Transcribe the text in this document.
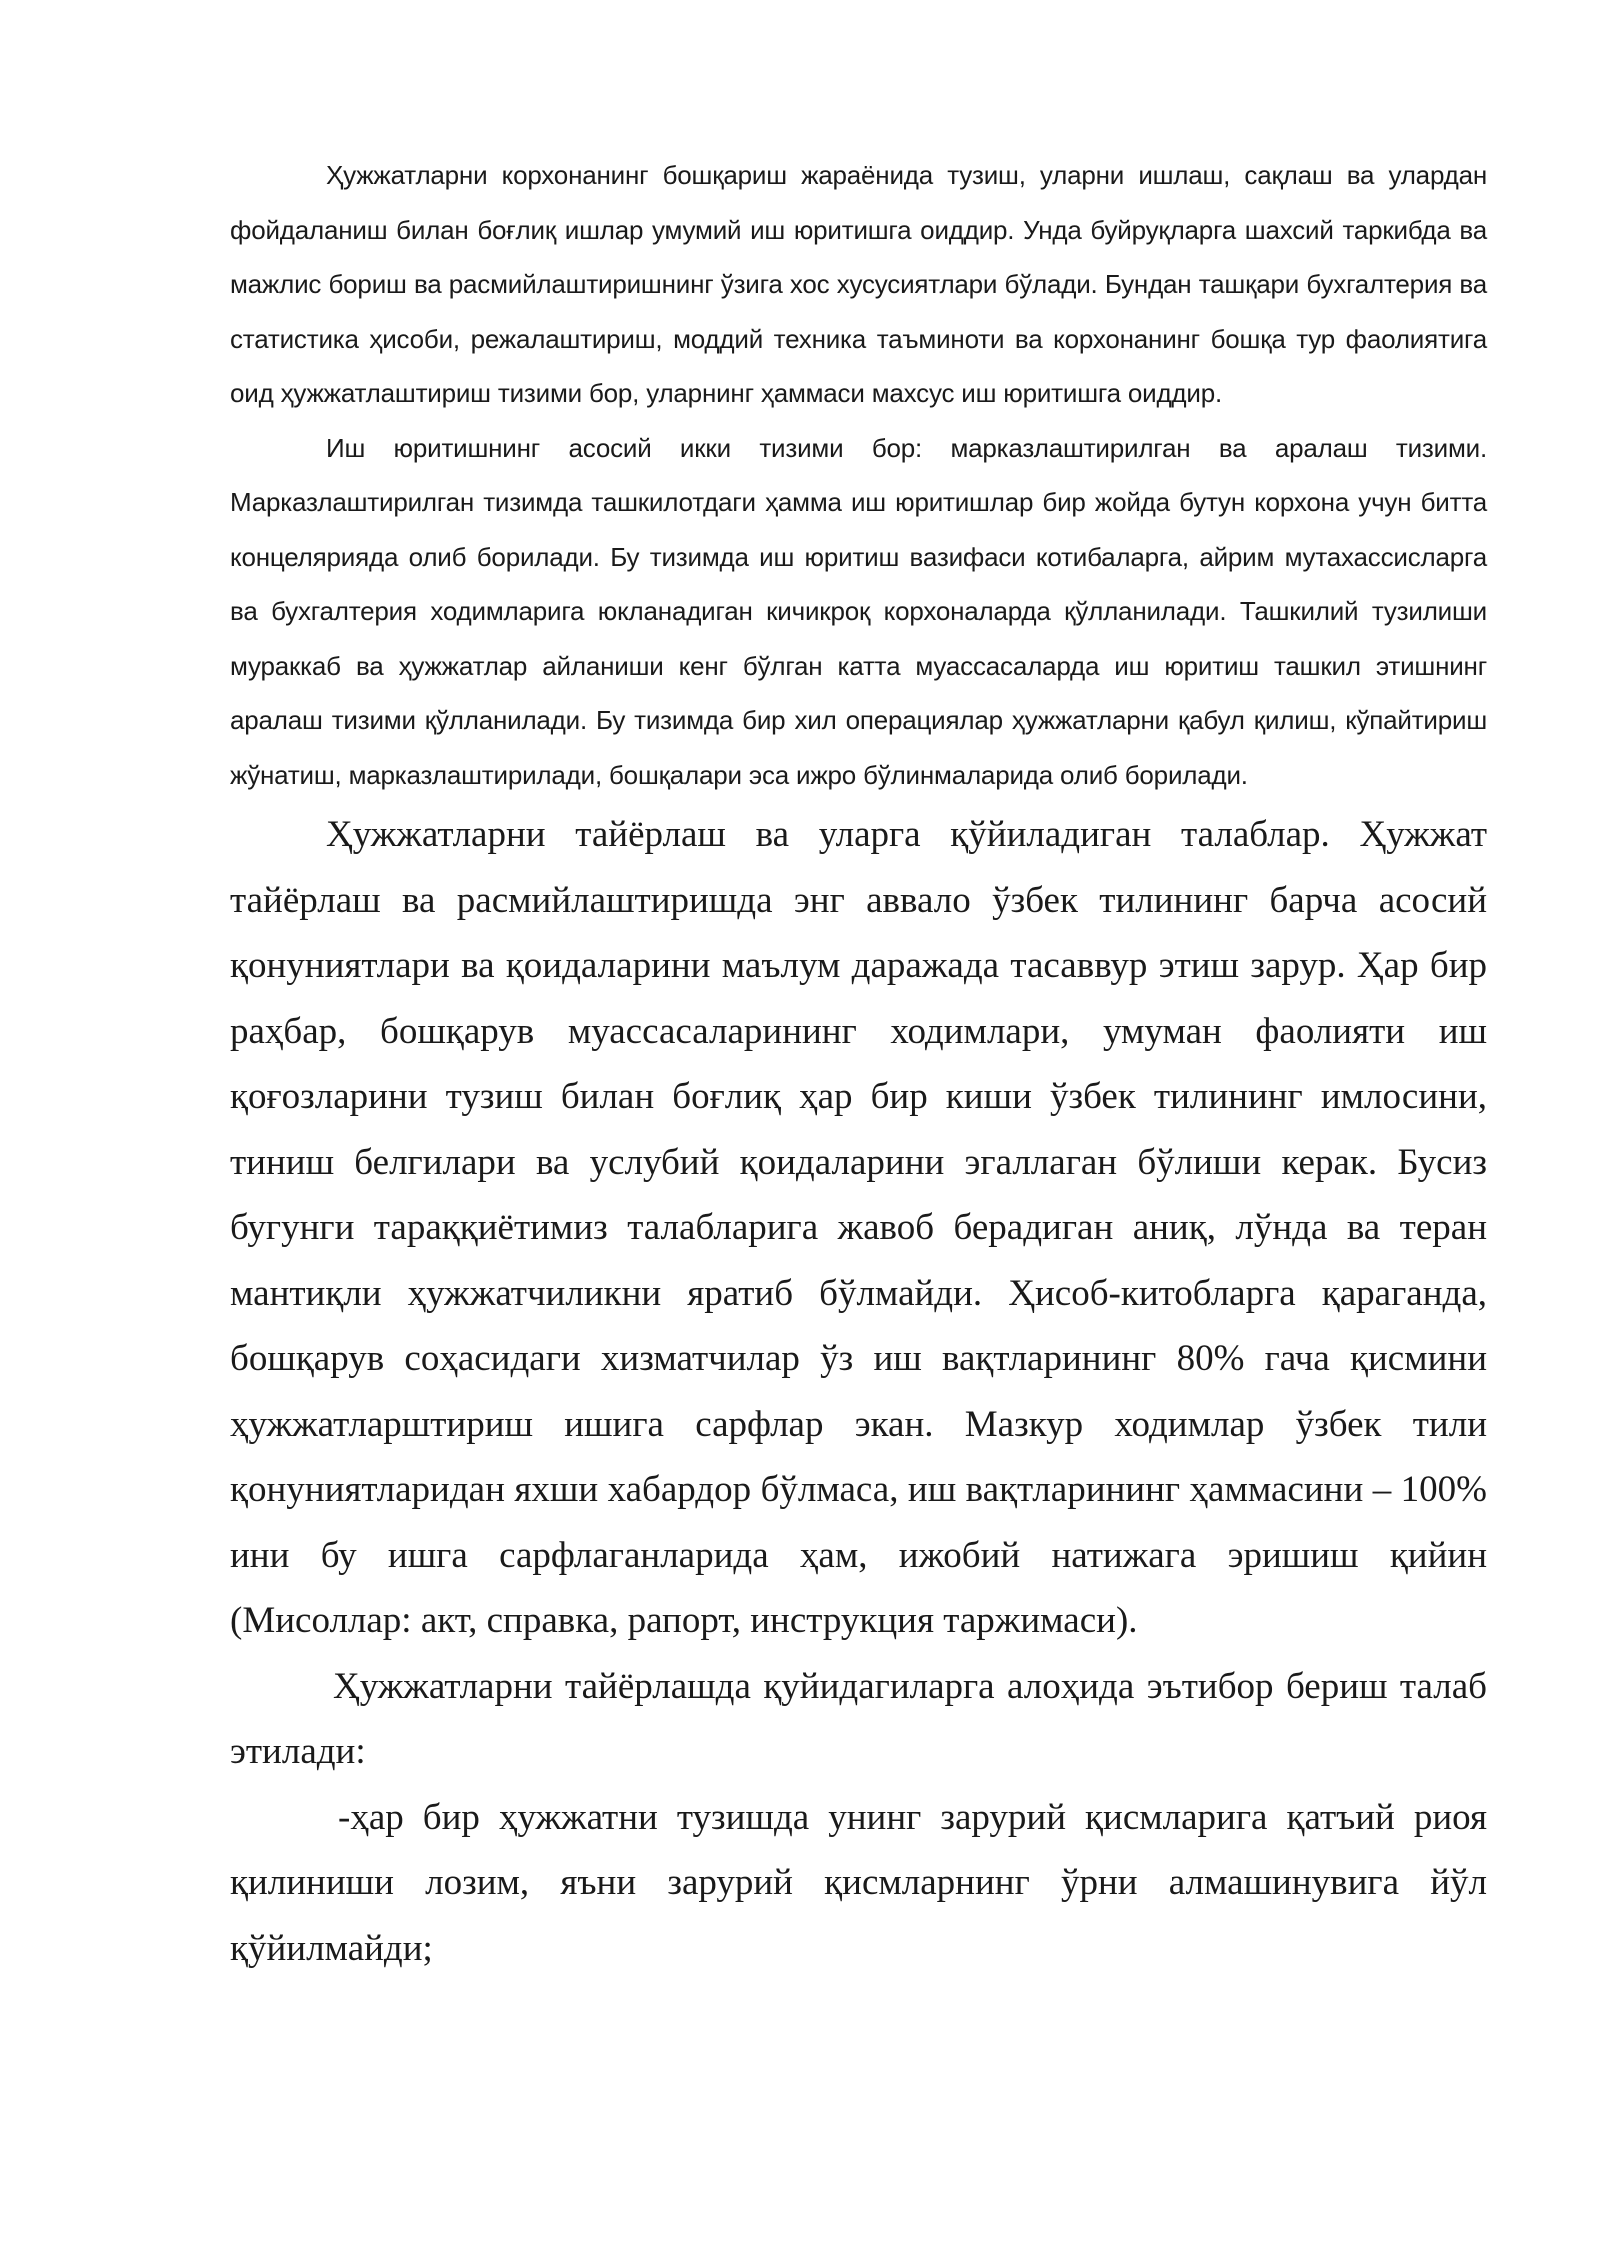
Ҳужжатларни корхонанинг бошқариш жараёнида тузиш, уларни ишлаш, сақлаш ва улардан фойдаланиш билан боғлиқ ишлар умумий иш юритишга оиддир. Унда буйруқларга шахсий таркибда ва мажлис бориш ва расмийлаштиришнинг ўзига хос хусусиятлари бўлади. Бундан ташқари бухгалтерия ва статистика ҳисоби, режалаштириш, моддий техника таъминоти ва корхонанинг бошқа тур фаолиятига оид ҳужжатлаштириш тизими бор, уларнинг ҳаммаси махсус иш юритишга оиддир.

Иш юритишнинг асосий икки тизими бор: марказлаштирилган ва аралаш тизими. Марказлаштирилган тизимда ташкилотдаги ҳамма иш юритишлар бир жойда бутун корхона учун битта концелярияда олиб борилади. Бу тизимда иш юритиш вазифаси котибаларга, айрим мутахассисларга ва бухгалтерия ходимларига юкланадиган кичикроқ корхоналарда қўлланилади. Ташкилий тузилиши мураккаб ва ҳужжатлар айланиши кенг бўлган катта муассасаларда иш юритиш ташкил этишнинг аралаш тизими қўлланилади. Бу тизимда бир хил операциялар ҳужжатларни қабул қилиш, кўпайтириш жўнатиш, марказлаштирилади, бошқалари эса ижро бўлинмаларида олиб борилади.

Ҳужжатларни тайёрлаш ва уларга қўйиладиган талаблар. Ҳужжат тайёрлаш ва расмийлаштиришда энг аввало ўзбек тилининг барча асосий қонуниятлари ва қоидаларини маълум даражада тасаввур этиш зарур. Ҳар бир раҳбар, бошқарув муассасаларининг ходимлари, умуман фаолияти иш қоғозларини тузиш билан боғлиқ ҳар бир киши ўзбек тилининг имлосини, тиниш белгилари ва услубий қоидаларини эгаллаган бўлиши керак. Бусиз бугунги тараққиётимиз талабларига жавоб берадиган аниқ, лўнда ва теран мантиқли ҳужжатчиликни яратиб бўлмайди. Ҳисоб-китобларга қараганда, бошқарув соҳасидаги хизматчилар ўз иш вақтларининг 80% гача қисмини ҳужжатларштириш ишига сарфлар экан. Мазкур ходимлар ўзбек тили қонуниятларидан яхши хабардор бўлмаса, иш вақтларининг ҳаммасини – 100% ини бу ишга сарфлаганларида ҳам, ижобий натижага эришиш қийин (Мисоллар: акт, справка, рапорт, инструкция таржимаси).

Ҳужжатларни тайёрлашда қуйидагиларга алоҳида эътибор бериш талаб этилади:

-ҳар бир ҳужжатни тузишда унинг зарурий қисмларига қатъий риоя қилиниши лозим, яъни зарурий қисмларнинг ўрни алмашинувига йўл қўйилмайди;
